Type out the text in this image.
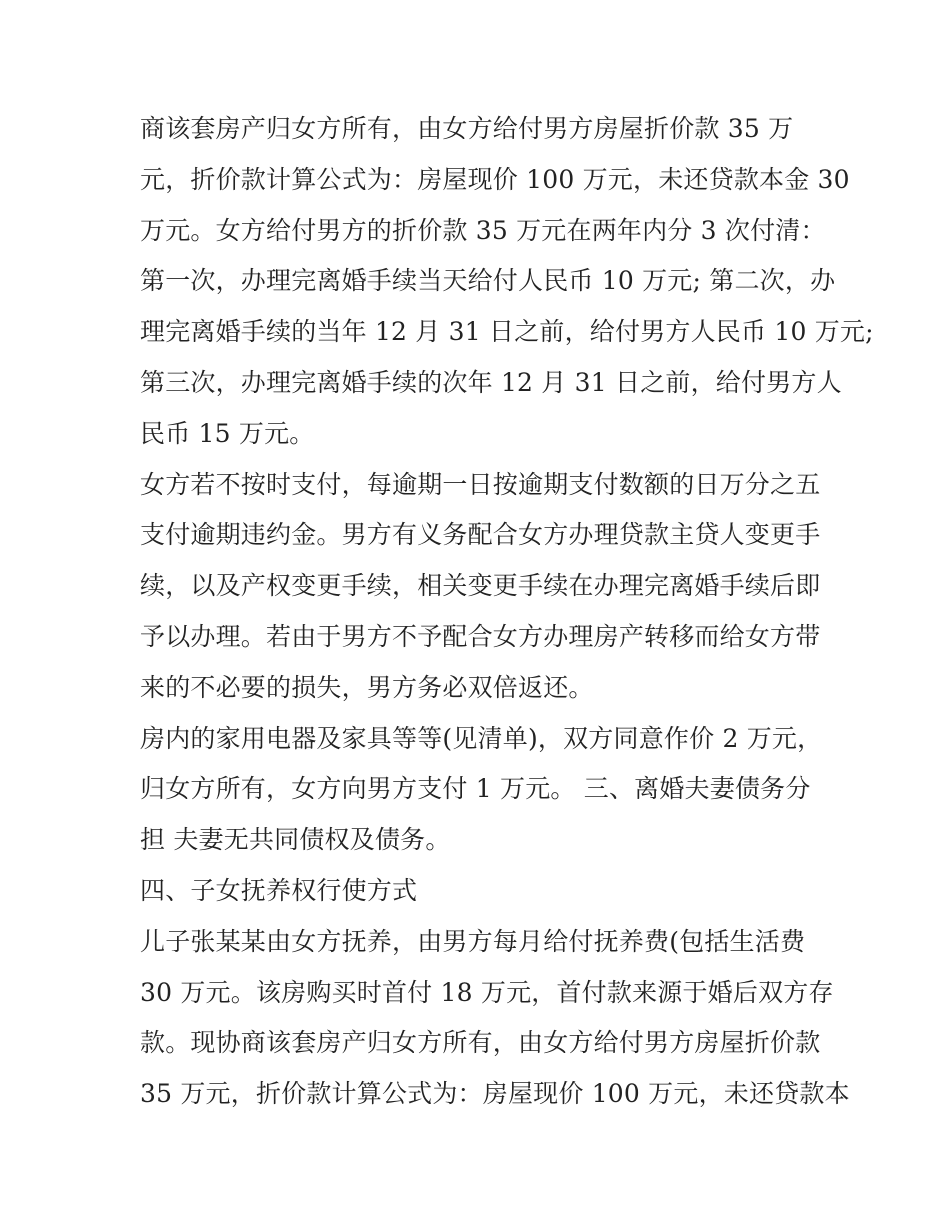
商该套房产归女方所有，由女方给付男方房屋折价款 35 万
元，折价款计算公式为：房屋现价 100 万元，未还贷款本金 30
万元。女方给付男方的折价款 35 万元在两年内分 3 次付清：
第一次，办理完离婚手续当天给付人民币 10 万元; 第二次，办
理完离婚手续的当年 12 月 31 日之前，给付男方人民币 10 万元;
第三次，办理完离婚手续的次年 12 月 31 日之前，给付男方人
民币 15 万元。
女方若不按时支付，每逾期一日按逾期支付数额的日万分之五
支付逾期违约金。男方有义务配合女方办理贷款主贷人变更手
续，以及产权变更手续，相关变更手续在办理完离婚手续后即
予以办理。若由于男方不予配合女方办理房产转移而给女方带
来的不必要的损失，男方务必双倍返还。
房内的家用电器及家具等等(见清单)，双方同意作价 2 万元，
归女方所有，女方向男方支付 1 万元。 三、离婚夫妻债务分
担 夫妻无共同债权及债务。
四、子女抚养权行使方式
儿子张某某由女方抚养，由男方每月给付抚养费(包括生活费
30 万元。该房购买时首付 18 万元，首付款来源于婚后双方存
款。现协商该套房产归女方所有，由女方给付男方房屋折价款
35 万元，折价款计算公式为：房屋现价 100 万元，未还贷款本
